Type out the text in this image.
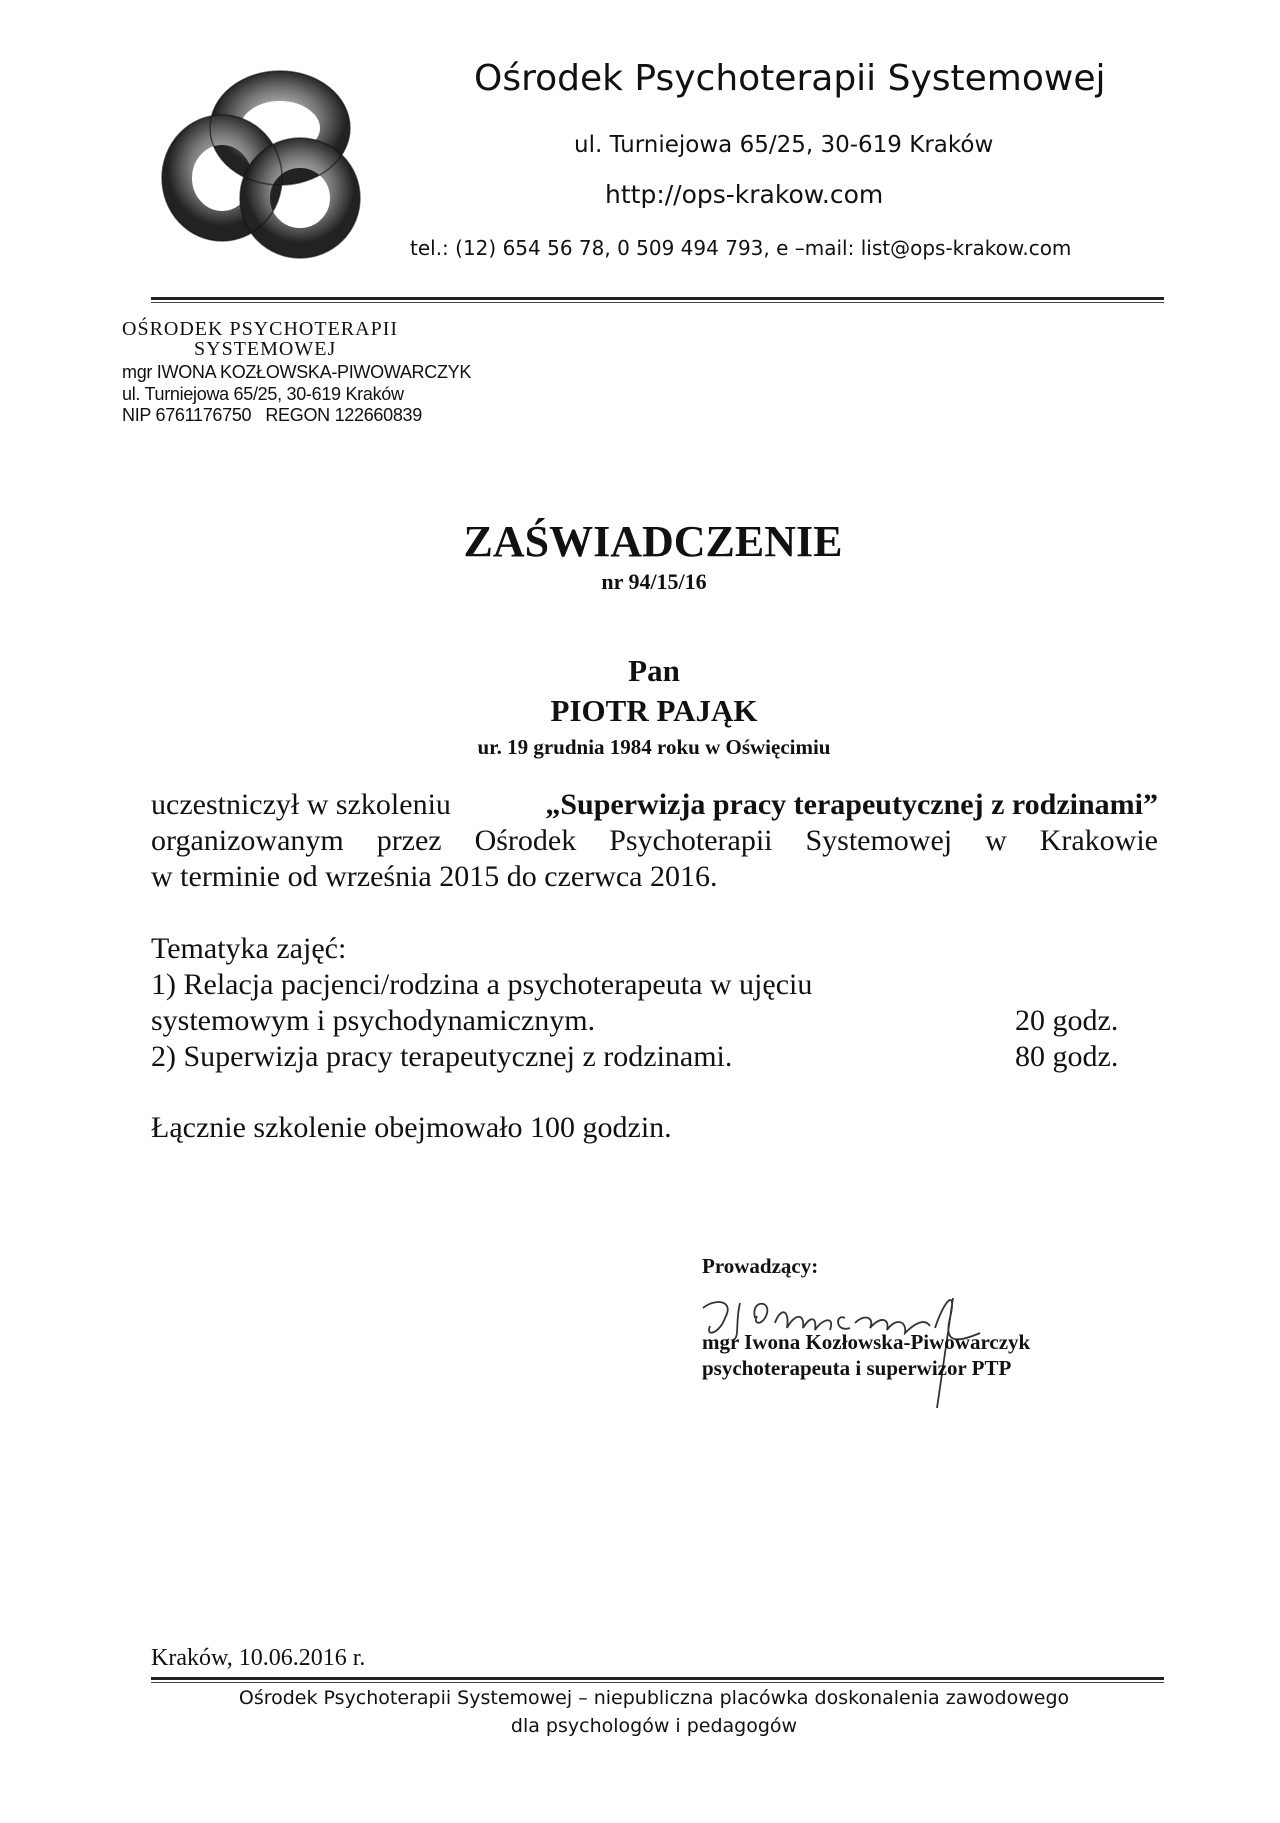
Ośrodek Psychoterapii Systemowej
ul. Turniejowa 65/25, 30-619 Kraków
http://ops-krakow.com
tel.: (12) 654 56 78, 0 509 494 793, e –mail: list@ops-krakow.com
OŚRODEK PSYCHOTERAPII
SYSTEMOWEJ
mgr IWONA KOZŁOWSKA-PIWOWARCZYK
ul. Turniejowa 65/25, 30-619 Kraków
NIP 6761176750   REGON 122660839
ZAŚWIADCZENIE
nr 94/15/16
Pan
PIOTR PAJĄK
ur. 19 grudnia 1984 roku w Oświęcimiu
uczestniczył w szkoleniu	„Superwizja pracy terapeutycznej z rodzinami”
organizowanym przez Ośrodek Psychoterapii Systemowej w Krakowie
w terminie od września 2015 do czerwca 2016.
Tematyka zajęć:
1) Relacja pacjenci/rodzina a psychoterapeuta w ujęciu
systemowym i psychodynamicznym.	20 godz.
2) Superwizja pracy terapeutycznej z rodzinami.	80 godz.
Łącznie szkolenie obejmowało 100 godzin.
Prowadzący:
mgr Iwona Kozłowska-Piwowarczyk
psychoterapeuta i superwizor PTP
Kraków, 10.06.2016 r.
Ośrodek Psychoterapii Systemowej – niepubliczna placówka doskonalenia zawodowego
dla psychologów i pedagogów
